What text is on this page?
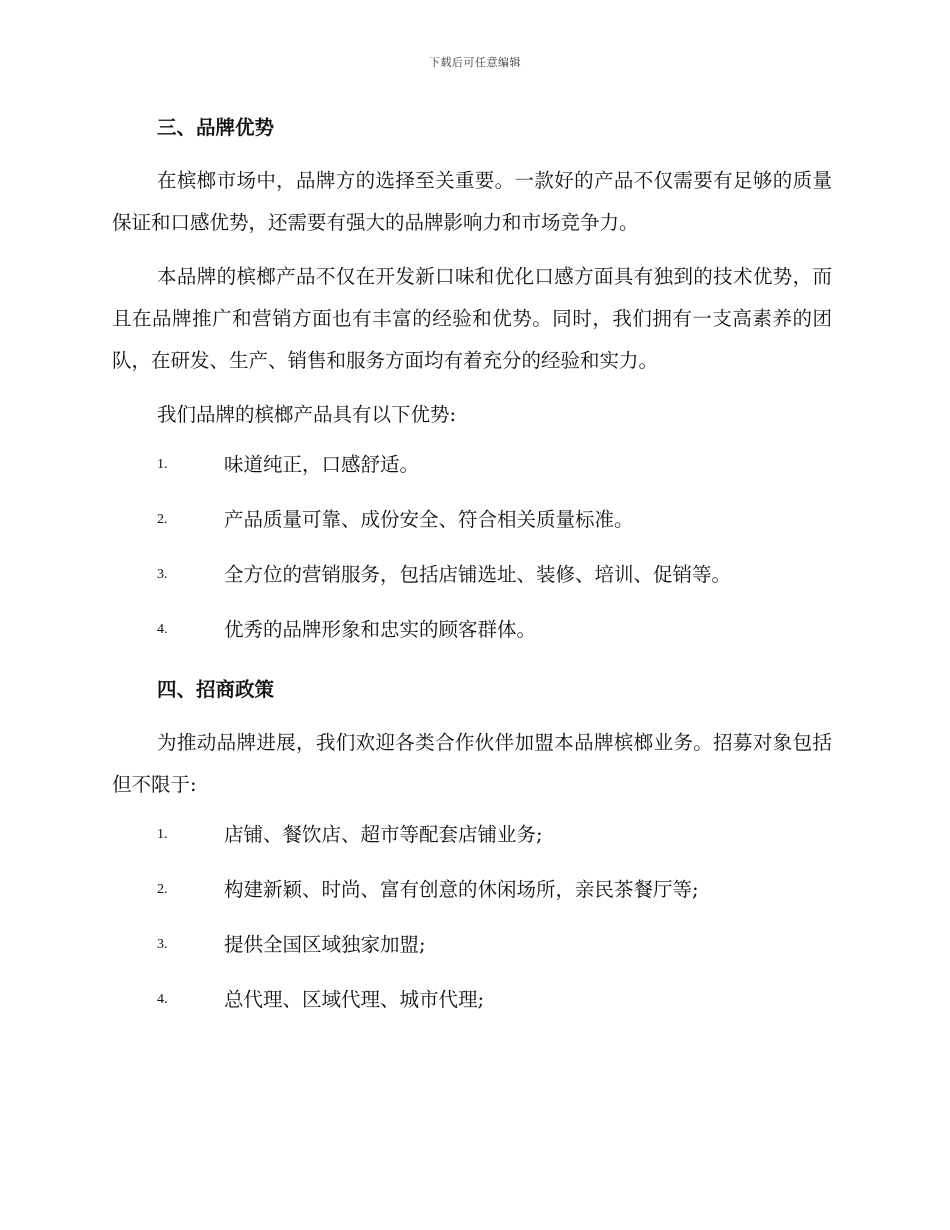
下载后可任意编辑
三、品牌优势

在槟榔市场中，品牌方的选择至关重要。一款好的产品不仅需要有足够的质量保证和口感优势，还需要有强大的品牌影响力和市场竞争力。

本品牌的槟榔产品不仅在开发新口味和优化口感方面具有独到的技术优势，而且在品牌推广和营销方面也有丰富的经验和优势。同时，我们拥有一支高素养的团队，在研发、生产、销售和服务方面均有着充分的经验和实力。

我们品牌的槟榔产品具有以下优势:

1.	味道纯正，口感舒适。
2.	产品质量可靠、成份安全、符合相关质量标准。
3.	全方位的营销服务，包括店铺选址、装修、培训、促销等。
4.	优秀的品牌形象和忠实的顾客群体。
四、招商政策

为推动品牌进展，我们欢迎各类合作伙伴加盟本品牌槟榔业务。招募对象包括但不限于:

1.	店铺、餐饮店、超市等配套店铺业务;
2.	构建新颖、时尚、富有创意的休闲场所，亲民茶餐厅等;
3.	提供全国区域独家加盟;
4.	总代理、区域代理、城市代理;
